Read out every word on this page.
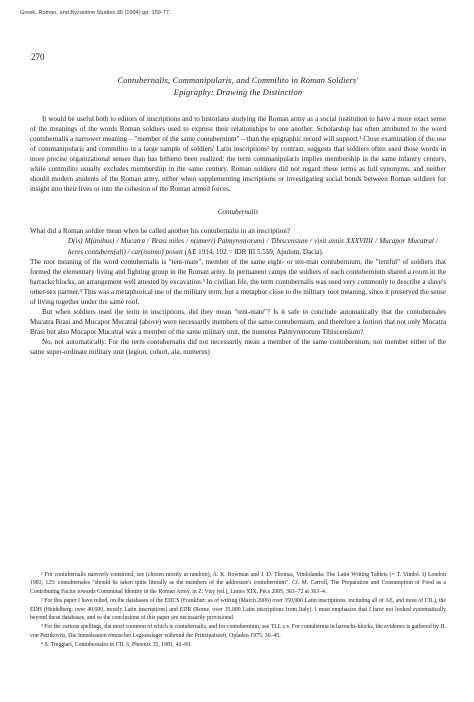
Greek, Roman, and Byzantine Studies 35 (1994) pp. 159-77.
270
Contubernalis, Commanipularis, and Commilito in Roman Soldiers'
Epigraphy: Drawing the Distinction

It would be useful both to editors of inscriptions and to historians studying the Roman army as a social institution to have a more exact sense of the meanings of the words Roman soldiers used to express their relationships to one another. Scholarship has often attributed to the word contubernalis a narrower meaning – "member of the same contubernium" – than the epigraphic record will support.¹ Close examination of the use of commanipularis and commilito in a large sample of soldiers' Latin inscriptions² by contrast, suggests that soldiers often used those words in more precise organizational senses than has hitherto been realized: the term commanipularis implies membership in the same infantry century, while commilito usually excludes membership in the same century. Roman soldiers did not regard these terms as full synonyms, and neither should modern students of the Roman army, either when supplementing inscriptions or investigating social bonds between Roman soldiers for insight into their lives or into the cohesion of the Roman armed forces.

Contubernalis

What did a Roman soldier mean when he called another his contubernalis in an inscription?

D(is) M(anibus) / Mucatra / Brasi miles / n(umeri) Palmyren(orum) / Tibiscensium / vixit annis XXXVIIII / Mucapor Mucatral / heres contubern(ali) / car(issimo) posuit (AE 1914, 102 = IDR III 5.559, Apulum, Dacia).

The root meaning of the word contubernalis is "tent-mate", member of the same eight- or ten-man contubernium, the "tentful" of soldiers that formed the elementary living and fighting group in the Roman army. In permanent camps the soldiers of each contubernium shared a room in the barracks blocks, an arrangement well attested by excavation.³ In civilian life, the term contubernalis was used very commonly to describe a slave's other-sex partner.⁴ This was a metaphorical use of the military term, but a metaphor close to the military root meaning, since it preserved the sense of living together under the same roof.

But when soldiers used the term in inscriptions, did they mean "tent-mate"? Is it safe to conclude automatically that the contubernales Mucatra Brasi and Mucapor Mucatral (above) were necessarily members of the same contubernium, and therefore a fortiori that not only Mucatra Brasi but also Mucapor Mucatral was a member of the same military unit, the numerus Palmyrenorum Tibiscensium?

No, not automatically. For the term contubernalis did not necessarily mean a member of the same contubernium, nor member either of the same super-ordinate military unit (legion, cohort, ala, numerus)

¹ For contubernalis narrowly construed, see (chosen mostly at random), A. K. Bowman and J. D. Thomas, Vindolanda: The Latin Writing Tablets (= T. Vindol. I) London 1983, 125: contubernales "should be taken quite literally as the members of the addressee's contubernium". Cf. M. Carroll, The Preparation and Consumption of Food as a Contributing Factor towards Communal Identity in the Roman Army, in Z. Visy (ed.), Limes XIX, Pécs 2005, 363–72 at 363–4.

² For this paper I have relied, on the databases of the EDCS (Frankfurt: as of writing (March 2006) over 350,000 Latin inscriptions, including all of AE, and most of CIL), the EDH (Heidelberg: over 40,000, mostly Latin inscriptions) and EDR (Rome, over 35,000 Latin inscriptions from Italy). I must emphasize that I have not looked systematically beyond these databases, and so the conclusions of this paper are necessarily provisional.

³ For the various spellings, the most common of which is contubernalis, and for contubernium, see TLL s.v. For contubernia in barracks-blocks, the evidence is gathered by H. von Petrikovits, Die Innenbauten römischer Legionslager während der Prinzipatszeit, Opladen 1975, 36–45.

⁴ S. Treggiari, Contubernales in CIL 6, Phoenix 35, 1981, 42–69.
